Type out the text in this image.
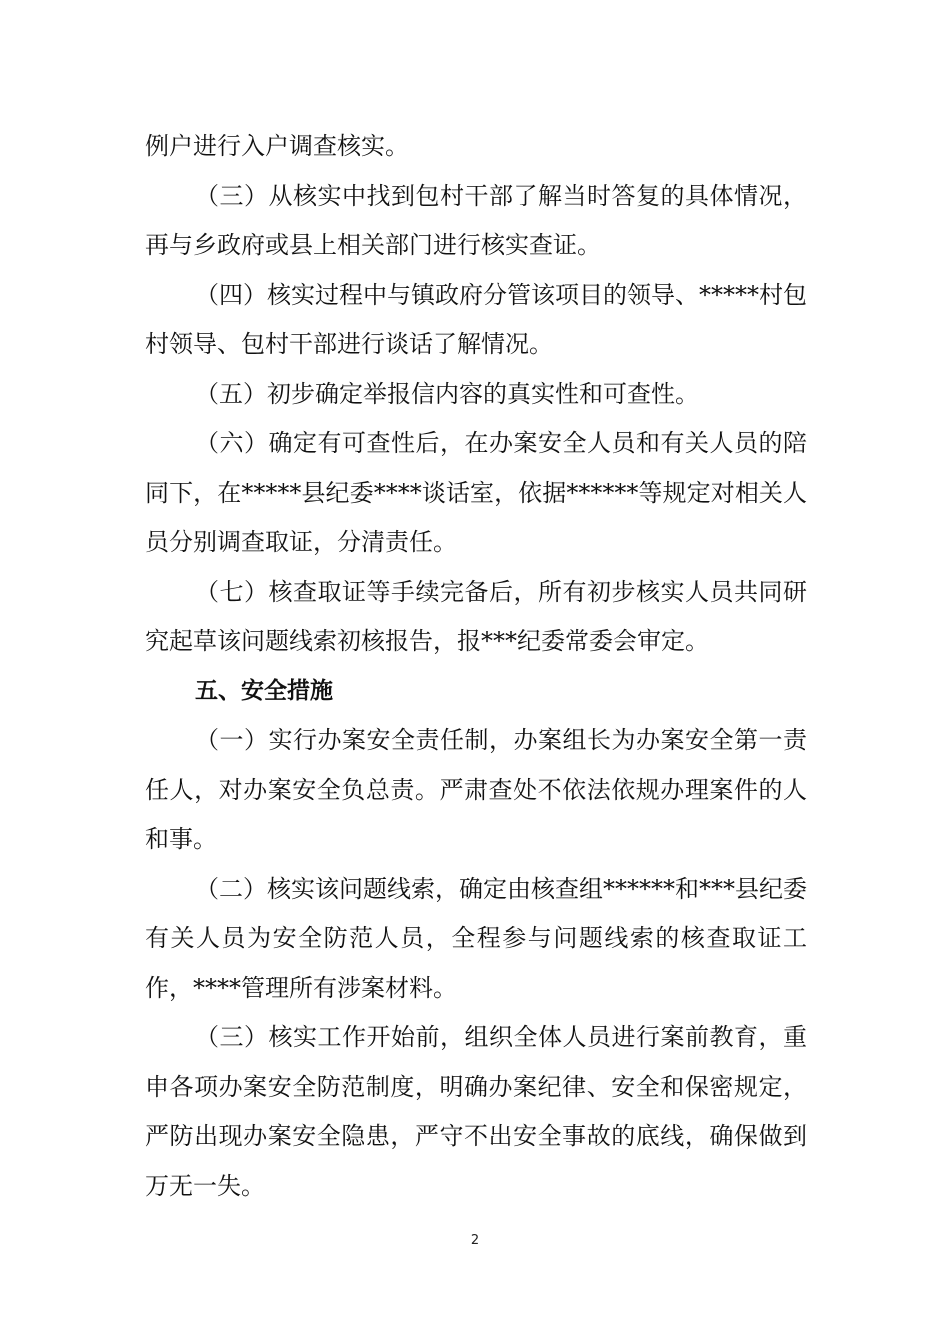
例户进行入户调查核实。

（三）从核实中找到包村干部了解当时答复的具体情况，再与乡政府或县上相关部门进行核实查证。

（四）核实过程中与镇政府分管该项目的领导、*****村包村领导、包村干部进行谈话了解情况。

（五）初步确定举报信内容的真实性和可查性。

（六）确定有可查性后，在办案安全人员和有关人员的陪同下，在*****县纪委****谈话室，依据******等规定对相关人员分别调查取证，分清责任。

（七）核查取证等手续完备后，所有初步核实人员共同研究起草该问题线索初核报告，报***纪委常委会审定。

五、安全措施

（一）实行办案安全责任制，办案组长为办案安全第一责任人，对办案安全负总责。严肃查处不依法依规办理案件的人和事。

（二）核实该问题线索，确定由核查组******和***县纪委有关人员为安全防范人员，全程参与问题线索的核查取证工作，****管理所有涉案材料。

（三）核实工作开始前，组织全体人员进行案前教育，重申各项办案安全防范制度，明确办案纪律、安全和保密规定，严防出现办案安全隐患，严守不出安全事故的底线，确保做到万无一失。

2
